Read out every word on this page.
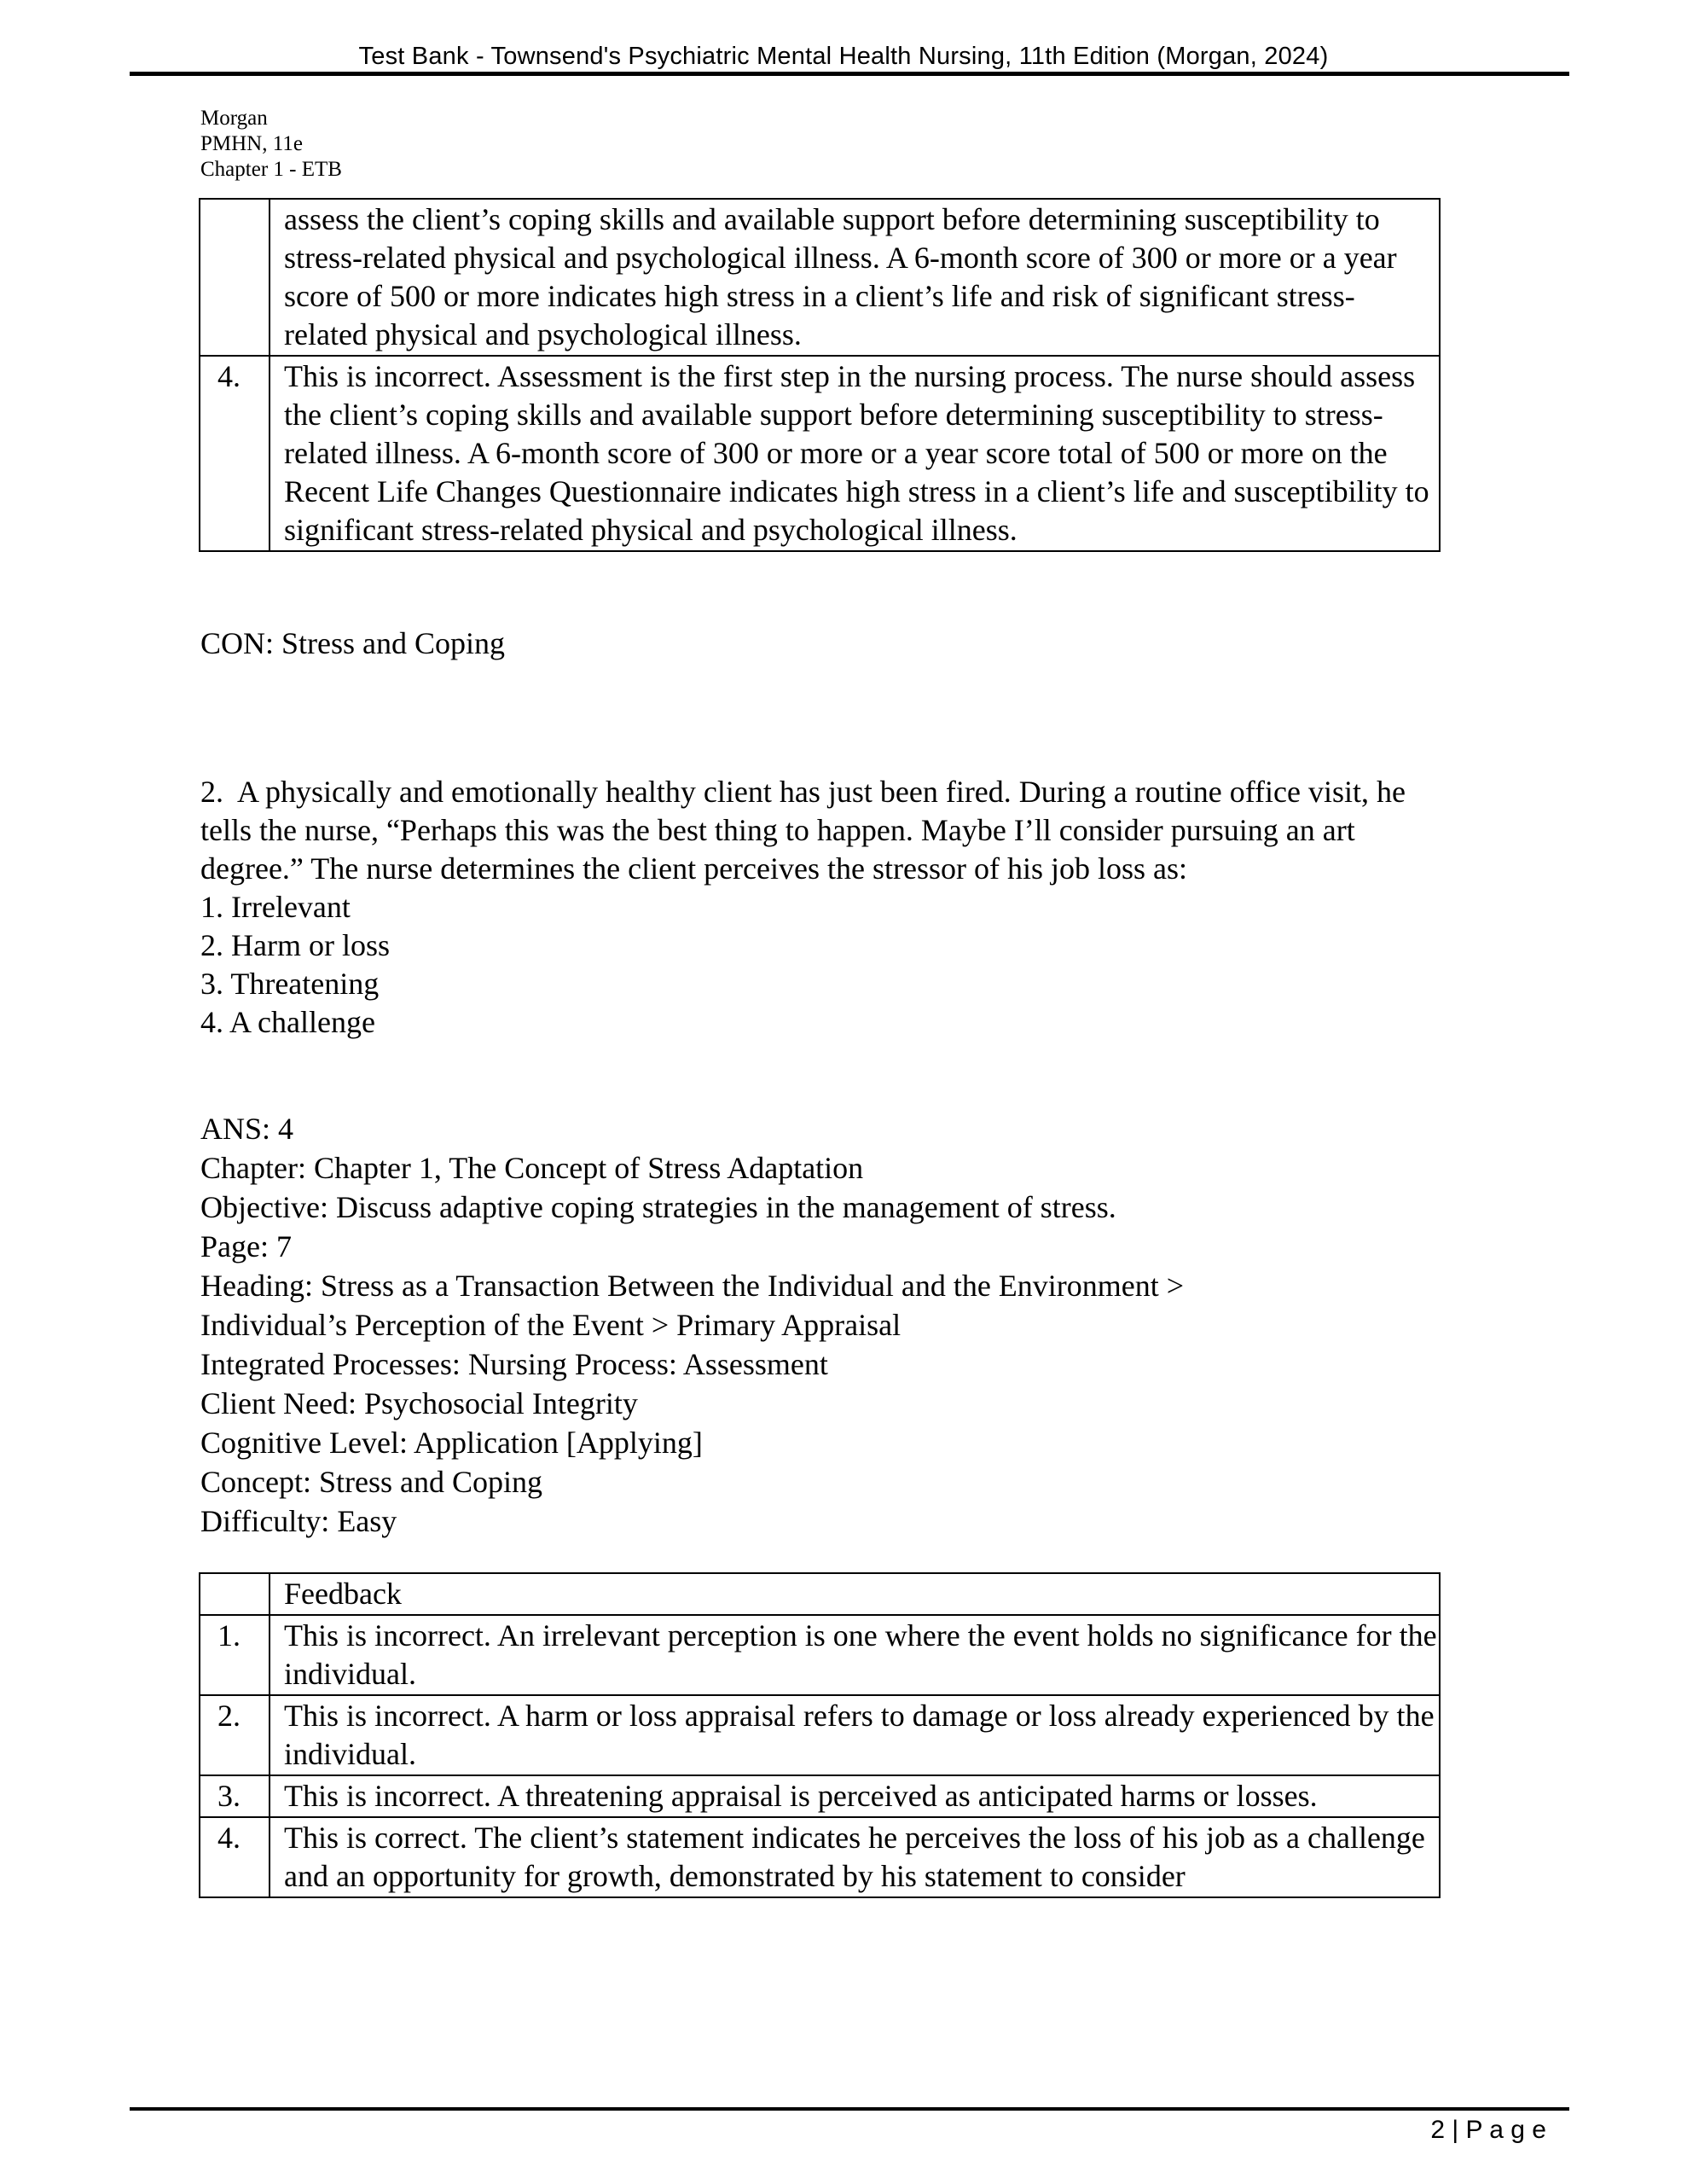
Test Bank - Townsend's Psychiatric Mental Health Nursing, 11th Edition (Morgan, 2024)
Morgan
PMHN, 11e
Chapter 1 - ETB
	assess the client’s coping skills and available support before determining susceptibility to stress-related physical and psychological illness. A 6-month score of 300 or more or a year score of 500 or more indicates high stress in a client’s life and risk of significant stress-related physical and psychological illness.
4.	This is incorrect. Assessment is the first step in the nursing process. The nurse should assess the client’s coping skills and available support before determining susceptibility to stress-related illness. A 6-month score of 300 or more or a year score total of 500 or more on the Recent Life Changes Questionnaire indicates high stress in a client’s life and susceptibility to significant stress-related physical and psychological illness.
CON: Stress and Coping
2.  A physically and emotionally healthy client has just been fired. During a routine office visit, he tells the nurse, “Perhaps this was the best thing to happen. Maybe I’ll consider pursuing an art degree.” The nurse determines the client perceives the stressor of his job loss as:
1. Irrelevant
2. Harm or loss
3. Threatening
4. A challenge
ANS: 4
Chapter: Chapter 1, The Concept of Stress Adaptation
Objective: Discuss adaptive coping strategies in the management of stress.
Page: 7
Heading: Stress as a Transaction Between the Individual and the Environment >
Individual’s Perception of the Event > Primary Appraisal
Integrated Processes: Nursing Process: Assessment
Client Need: Psychosocial Integrity
Cognitive Level: Application [Applying]
Concept: Stress and Coping
Difficulty: Easy
	Feedback
1.	This is incorrect. An irrelevant perception is one where the event holds no significance for the individual.
2.	This is incorrect. A harm or loss appraisal refers to damage or loss already experienced by the individual.
3.	This is incorrect. A threatening appraisal is perceived as anticipated harms or losses.
4.	This is correct. The client’s statement indicates he perceives the loss of his job as a challenge and an opportunity for growth, demonstrated by his statement to consider
2 | P a g e
